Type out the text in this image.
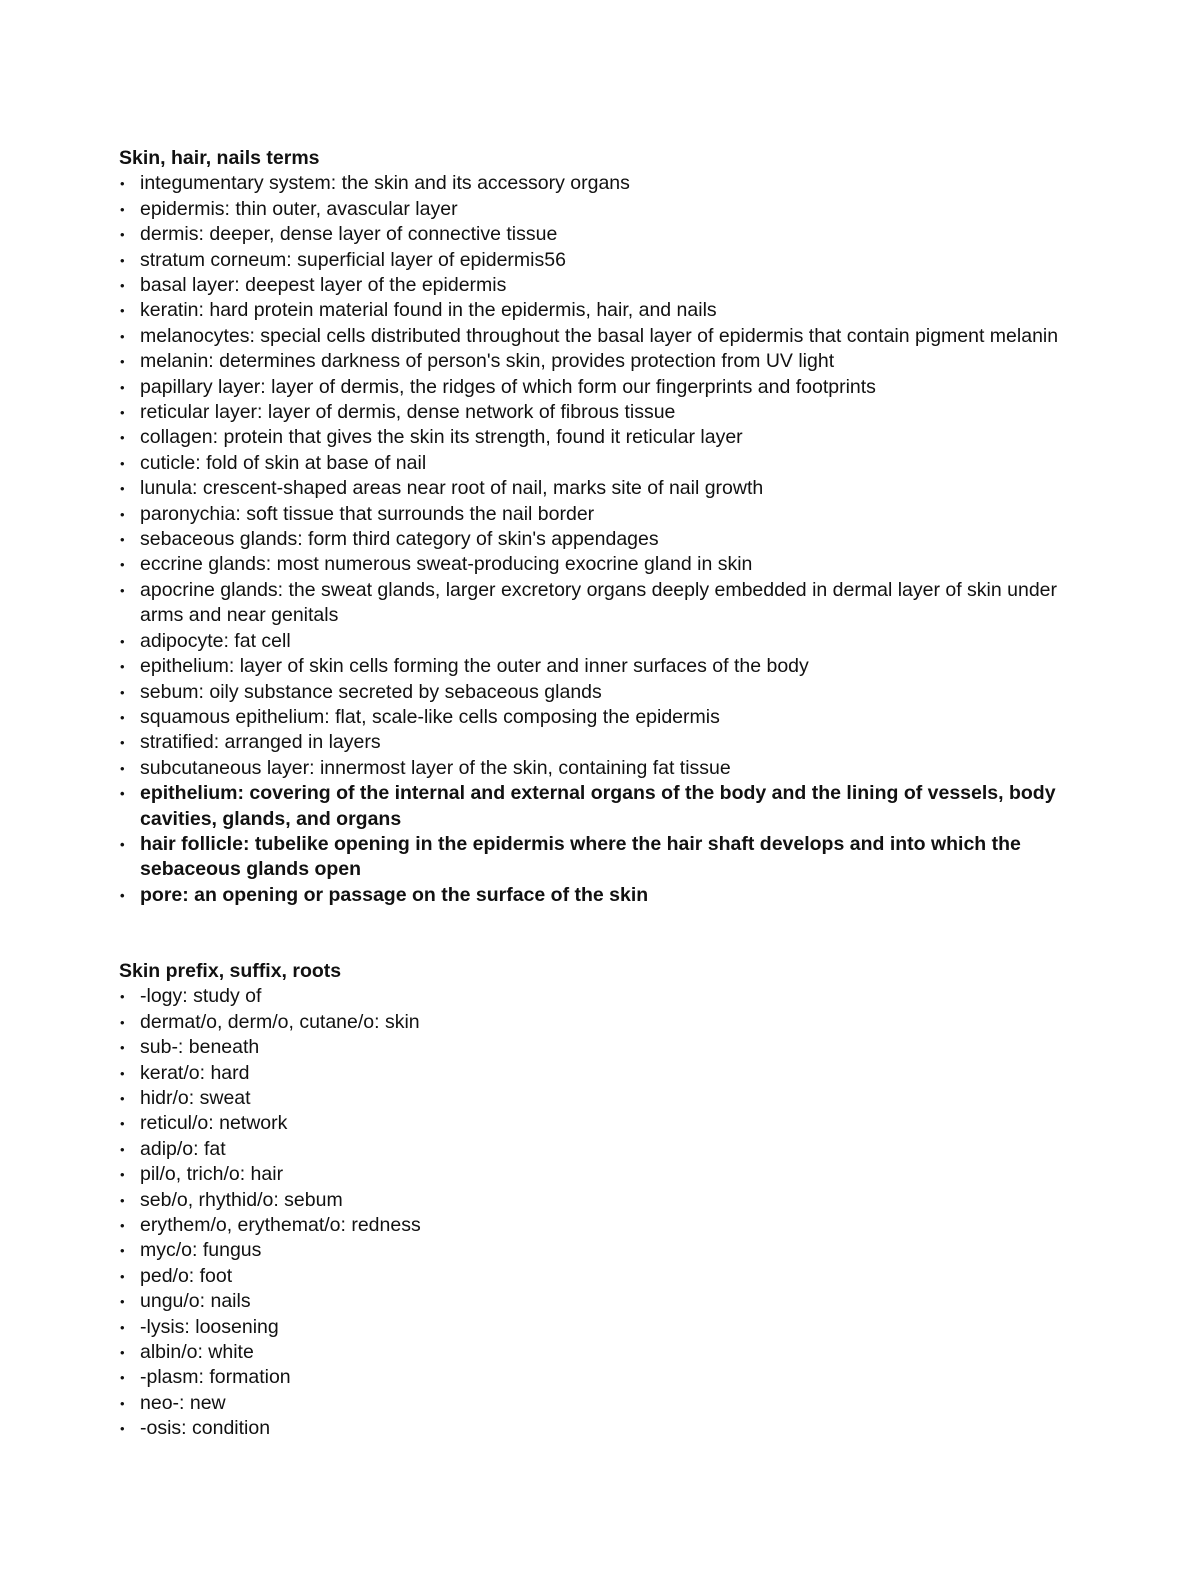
Skin, hair, nails terms

• integumentary system: the skin and its accessory organs
• epidermis: thin outer, avascular layer
• dermis: deeper, dense layer of connective tissue
• stratum corneum: superficial layer of epidermis56
• basal layer: deepest layer of the epidermis
• keratin: hard protein material found in the epidermis, hair, and nails
• melanocytes: special cells distributed throughout the basal layer of epidermis that contain pigment melanin
• melanin: determines darkness of person's skin, provides protection from UV light
• papillary layer: layer of dermis, the ridges of which form our fingerprints and footprints
• reticular layer: layer of dermis, dense network of fibrous tissue
• collagen: protein that gives the skin its strength, found it reticular layer
• cuticle: fold of skin at base of nail
• lunula: crescent-shaped areas near root of nail, marks site of nail growth
• paronychia: soft tissue that surrounds the nail border
• sebaceous glands: form third category of skin's appendages
• eccrine glands: most numerous sweat-producing exocrine gland in skin
• apocrine glands: the sweat glands, larger excretory organs deeply embedded in dermal layer of skin under arms and near genitals
• adipocyte: fat cell
• epithelium: layer of skin cells forming the outer and inner surfaces of the body
• sebum: oily substance secreted by sebaceous glands
• squamous epithelium: flat, scale-like cells composing the epidermis
• stratified: arranged in layers
• subcutaneous layer: innermost layer of the skin, containing fat tissue
• epithelium: covering of the internal and external organs of the body and the lining of vessels, body cavities, glands, and organs
• hair follicle: tubelike opening in the epidermis where the hair shaft develops and into which the sebaceous glands open
• pore: an opening or passage on the surface of the skin

Skin prefix, suffix, roots

• -logy: study of
• dermat/o, derm/o, cutane/o: skin
• sub-: beneath
• kerat/o: hard
• hidr/o: sweat
• reticul/o: network
• adip/o: fat
• pil/o, trich/o: hair
• seb/o, rhythid/o: sebum
• erythem/o, erythemat/o: redness
• myc/o: fungus
• ped/o: foot
• ungu/o: nails
• -lysis: loosening
• albin/o: white
• -plasm: formation
• neo-: new
• -osis: condition
